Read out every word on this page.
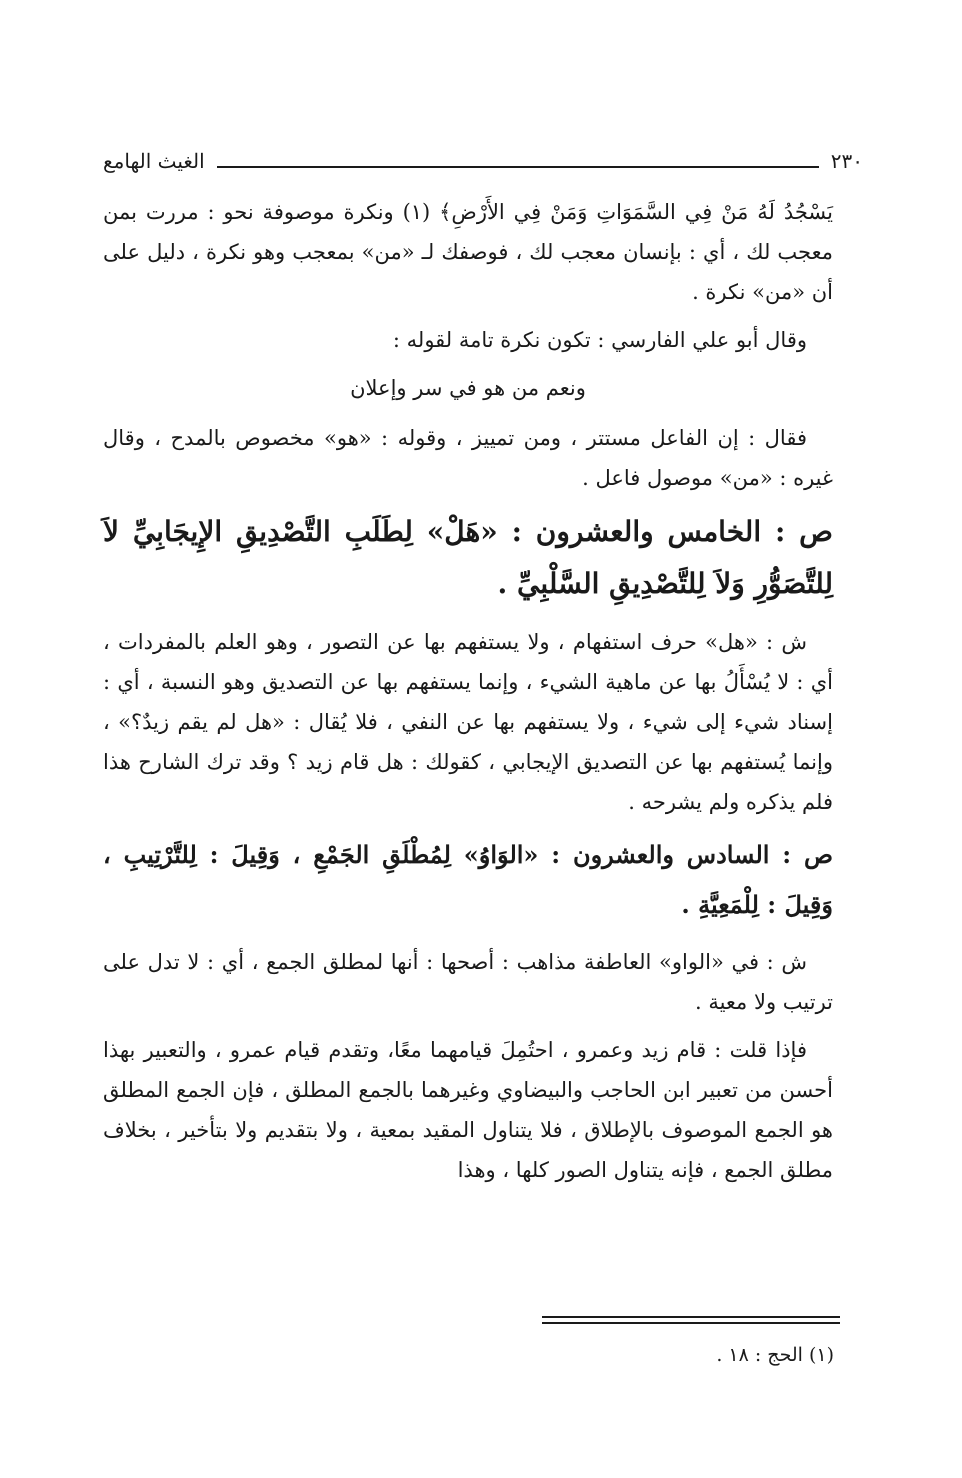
٢٣٠
الغيث الهامع

يَسْجُدُ لَهُ مَنْ فِي السَّمَوَاتِ وَمَنْ فِي الأَرْضِ﴾ (١) ونكرة موصوفة نحو : مررت بمن معجب لك ، أي : بإنسان معجب لك ، فوصفك لـ «من» بمعجب وهو نكرة ، دليل على أن «من» نكرة .

وقال أبو علي الفارسي : تكون نكرة تامة لقوله :

ونعم من هو في سر وإعلان

فقال : إن الفاعل مستتر ، ومن تمييز ، وقوله : «هو» مخصوص بالمدح ، وقال غيره : «من» موصول فاعل .

ص : الخامس والعشرون : «هَلْ» لِطَلَبِ التَّصْدِيقِ الإِيجَابِيِّ لاَ لِلتَّصَوُّرِ وَلاَ لِلتَّصْدِيقِ السَّلْبِيِّ .

ش : «هل» حرف استفهام ، ولا يستفهم بها عن التصور ، وهو العلم بالمفردات ، أي : لا يُسْأَلُ بها عن ماهية الشيء ، وإنما يستفهم بها عن التصديق وهو النسبة ، أي : إسناد شيء إلى شيء ، ولا يستفهم بها عن النفي ، فلا يُقال : «هل لم يقم زيدٌ؟» ، وإنما يُستفهم بها عن التصديق الإيجابي ، كقولك : هل قام زيد ؟ وقد ترك الشارح هذا فلم يذكره ولم يشرحه .

ص : السادس والعشرون : «الوَاوُ» لِمُطْلَقِ الجَمْعِ ، وَقِيلَ : لِلتَّرْتِيبِ ، وَقِيلَ : لِلْمَعِيَّةِ .

ش : في «الواو» العاطفة مذاهب : أصحها : أنها لمطلق الجمع ، أي : لا تدل على ترتيب ولا معية .

فإذا قلت : قام زيد وعمرو ، احتُمِلَ قيامهما معًا، وتقدم قيام عمرو ، والتعبير بهذا أحسن من تعبير ابن الحاجب والبيضاوي وغيرهما بالجمع المطلق ، فإن الجمع المطلق هو الجمع الموصوف بالإطلاق ، فلا يتناول المقيد بمعية ، ولا بتقديم ولا بتأخير ، بخلاف مطلق الجمع ، فإنه يتناول الصور كلها ، وهذا

(١) الحج : ١٨ .
